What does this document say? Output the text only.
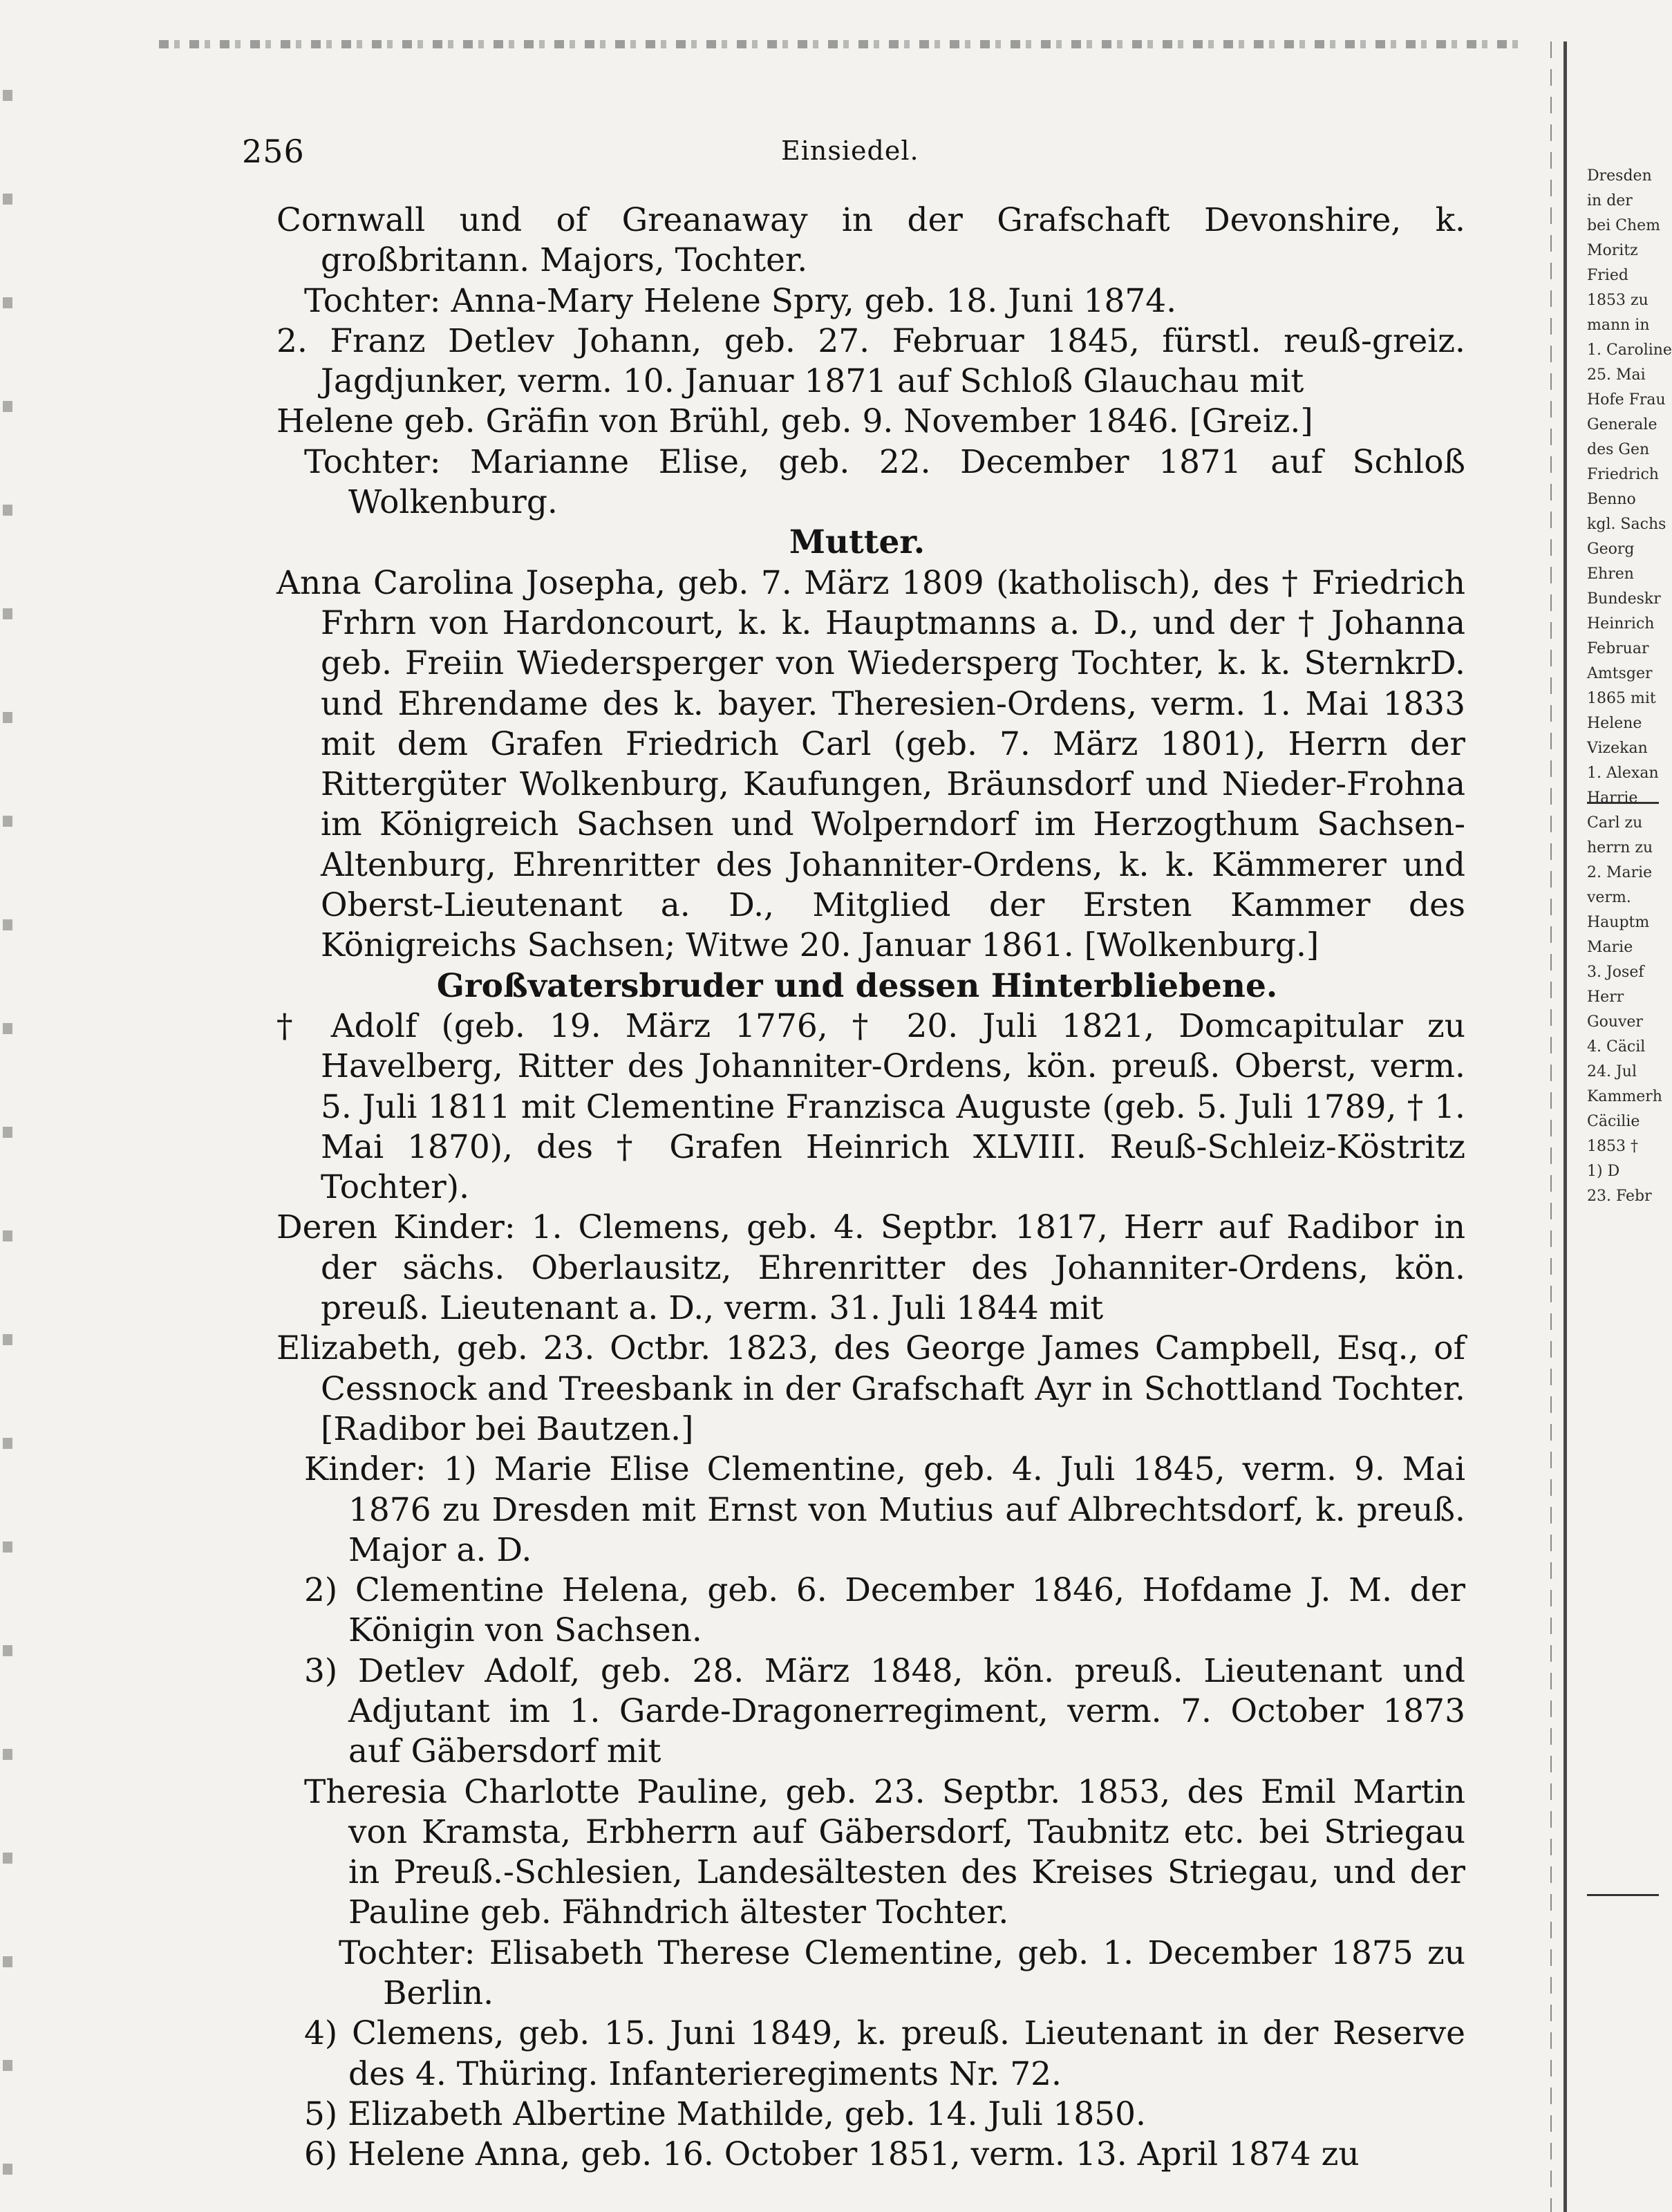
256	Einsiedel.

Cornwall und of Greanaway in der Grafschaft Devonshire, k. großbritann. Majors, Tochter.

Tochter: Anna-Mary Helene Spry, geb. 18. Juni 1874.

2. Franz Detlev Johann, geb. 27. Februar 1845, fürstl. reuß-greiz. Jagdjunker, verm. 10. Januar 1871 auf Schloß Glauchau mit

Helene geb. Gräfin von Brühl, geb. 9. November 1846. [Greiz.]

Tochter: Marianne Elise, geb. 22. December 1871 auf Schloß Wolkenburg.

Mutter.

Anna Carolina Josepha, geb. 7. März 1809 (katholisch), des † Friedrich Frhrn von Hardoncourt, k. k. Hauptmanns a. D., und der † Johanna geb. Freiin Wiedersperger von Wiedersperg Tochter, k. k. SternkrD. und Ehrendame des k. bayer. Theresien-Ordens, verm. 1. Mai 1833 mit dem Grafen Friedrich Carl (geb. 7. März 1801), Herrn der Rittergüter Wolkenburg, Kaufungen, Bräunsdorf und Nieder-Frohna im Königreich Sachsen und Wolperndorf im Herzogthum Sachsen-Altenburg, Ehrenritter des Johanniter-Ordens, k. k. Kämmerer und Oberst-Lieutenant a. D., Mitglied der Ersten Kammer des Königreichs Sachsen; Witwe 20. Januar 1861. [Wolkenburg.]

Großvatersbruder und dessen Hinterbliebene.

† Adolf (geb. 19. März 1776, † 20. Juli 1821, Domcapitular zu Havelberg, Ritter des Johanniter-Ordens, kön. preuß. Oberst, verm. 5. Juli 1811 mit Clementine Franzisca Auguste (geb. 5. Juli 1789, † 1. Mai 1870), des † Grafen Heinrich XLVIII. Reuß-Schleiz-Köstritz Tochter).

Deren Kinder: 1. Clemens, geb. 4. Septbr. 1817, Herr auf Radibor in der sächs. Oberlausitz, Ehrenritter des Johanniter-Ordens, kön. preuß. Lieutenant a. D., verm. 31. Juli 1844 mit

Elizabeth, geb. 23. Octbr. 1823, des George James Campbell, Esq., of Cessnock and Treesbank in der Grafschaft Ayr in Schottland Tochter. [Radibor bei Bautzen.]

Kinder: 1) Marie Elise Clementine, geb. 4. Juli 1845, verm. 9. Mai 1876 zu Dresden mit Ernst von Mutius auf Albrechtsdorf, k. preuß. Major a. D.

2) Clementine Helena, geb. 6. December 1846, Hofdame J. M. der Königin von Sachsen.

3) Detlev Adolf, geb. 28. März 1848, kön. preuß. Lieutenant und Adjutant im 1. Garde-Dragonerregiment, verm. 7. October 1873 auf Gäbersdorf mit

Theresia Charlotte Pauline, geb. 23. Septbr. 1853, des Emil Martin von Kramsta, Erbherrn auf Gäbersdorf, Taubnitz etc. bei Striegau in Preuß.-Schlesien, Landesältesten des Kreises Striegau, und der Pauline geb. Fähndrich ältester Tochter.

Tochter: Elisabeth Therese Clementine, geb. 1. December 1875 zu Berlin.

4) Clemens, geb. 15. Juni 1849, k. preuß. Lieutenant in der Reserve des 4. Thüring. Infanterieregiments Nr. 72.

5) Elizabeth Albertine Mathilde, geb. 14. Juli 1850.

6) Helene Anna, geb. 16. October 1851, verm. 13. April 1874 zu

Dresden

in der

bei Chem

Moritz

Fried

1853 zu

mann in

1. Caroline

25. Mai

Hofe Frau

Generale

des Gen

Friedrich

Benno

kgl. Sachs

Georg

Ehren

Bundeskr

Heinrich

Februar

Amtsger

1865 mit

Helene

Vizekan

1. Alexan

Harrie

Carl zu

herrn zu

2. Marie

verm.

Hauptm

Marie

3. Josef

Herr

Gouver

4. Cäcil

24. Jul

Kammerh

Cäcilie

1853 †

1) D

23. Febr
